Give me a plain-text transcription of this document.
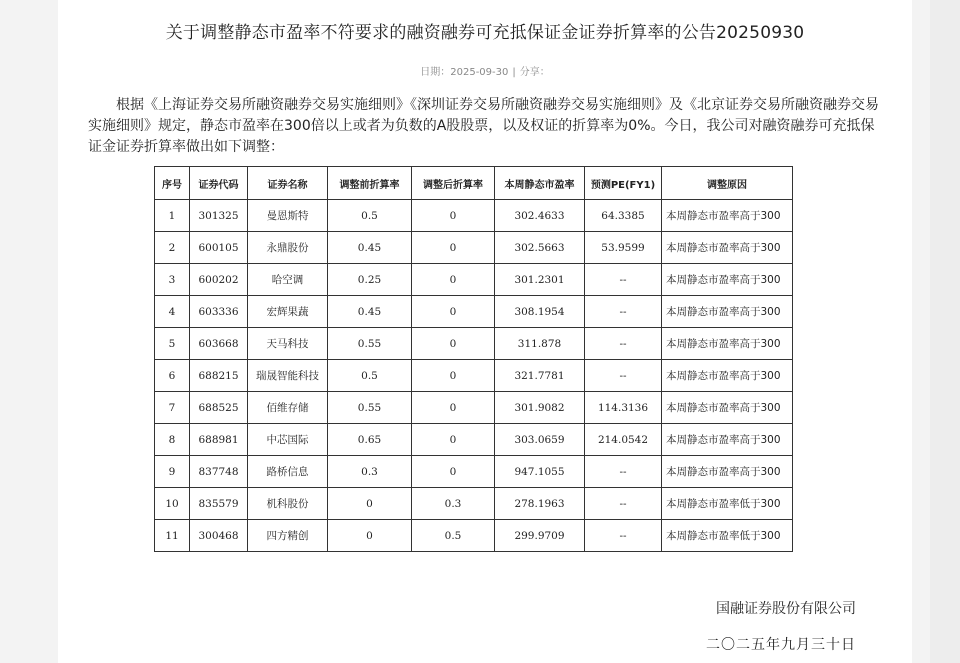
关于调整静态市盈率不符要求的融资融券可充抵保证金证券折算率的公告20250930
日期：2025-09-30 | 分享：

根据《上海证券交易所融资融券交易实施细则》《深圳证券交易所融资融券交易实施细则》及《北京证券交易所融资融券交易实施细则》规定，静态市盈率在300倍以上或者为负数的A股股票，以及权证的折算率为0%。今日，我公司对融资融券可充抵保证金证券折算率做出如下调整：

序号	证券代码	证券名称	调整前折算率	调整后折算率	本周静态市盈率	预测PE(FY1)	调整原因
1	301325	曼恩斯特	0.5	0	302.4633	64.3385	本周静态市盈率高于300
2	600105	永鼎股份	0.45	0	302.5663	53.9599	本周静态市盈率高于300
3	600202	哈空调	0.25	0	301.2301	--	本周静态市盈率高于300
4	603336	宏辉果蔬	0.45	0	308.1954	--	本周静态市盈率高于300
5	603668	天马科技	0.55	0	311.878	--	本周静态市盈率高于300
6	688215	瑞晟智能科技	0.5	0	321.7781	--	本周静态市盈率高于300
7	688525	佰维存储	0.55	0	301.9082	114.3136	本周静态市盈率高于300
8	688981	中芯国际	0.65	0	303.0659	214.0542	本周静态市盈率高于300
9	837748	路桥信息	0.3	0	947.1055	--	本周静态市盈率高于300
10	835579	机科股份	0	0.3	278.1963	--	本周静态市盈率低于300
11	300468	四方精创	0	0.5	299.9709	--	本周静态市盈率低于300
国融证券股份有限公司
二〇二五年九月三十日
